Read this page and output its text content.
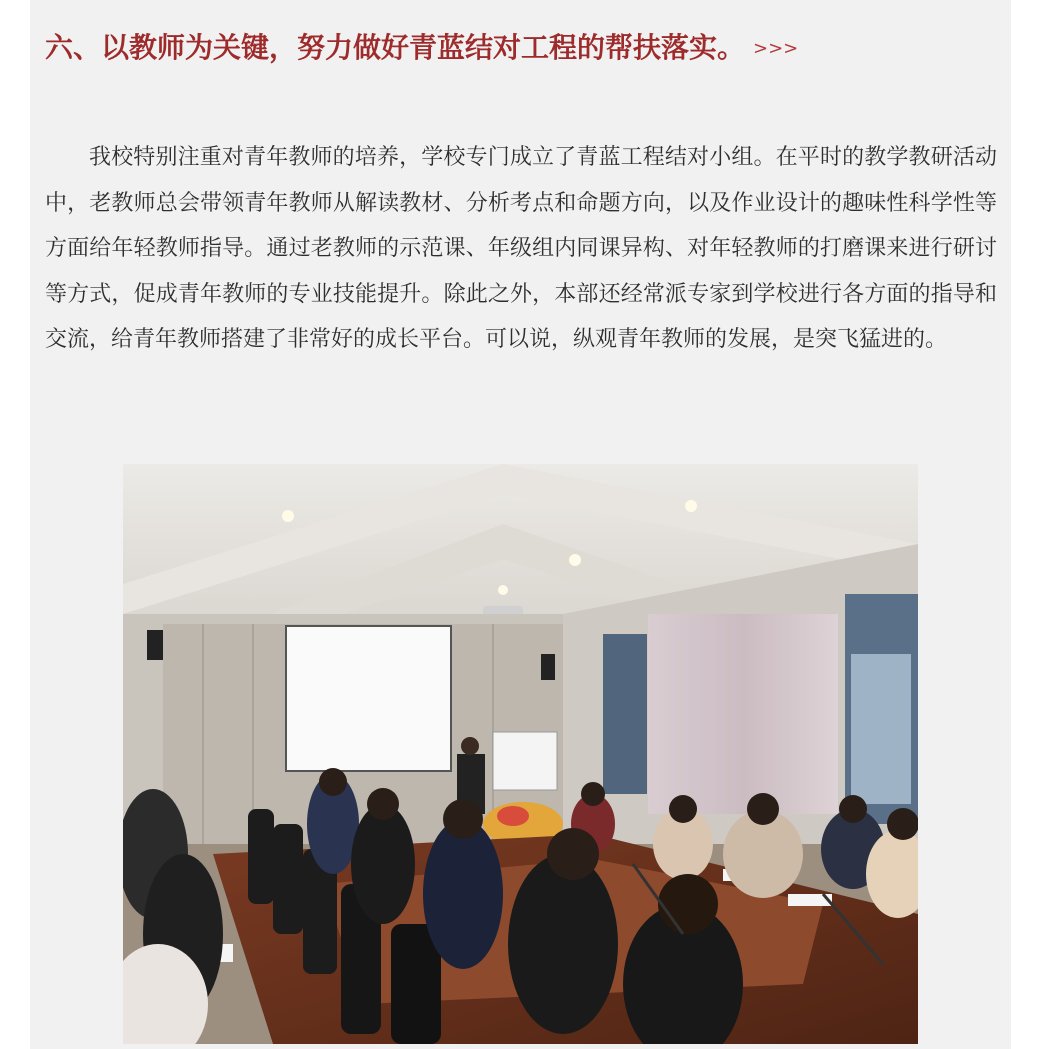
六、以教师为关键，努力做好青蓝结对工程的帮扶落实。 >>>

我校特别注重对青年教师的培养，学校专门成立了青蓝工程结对小组。在平时的教学教研活动中，老教师总会带领青年教师从解读教材、分析考点和命题方向，以及作业设计的趣味性科学性等方面给年轻教师指导。通过老教师的示范课、年级组内同课异构、对年轻教师的打磨课来进行研讨等方式，促成青年教师的专业技能提升。除此之外，本部还经常派专家到学校进行各方面的指导和交流，给青年教师搭建了非常好的成长平台。可以说，纵观青年教师的发展，是突飞猛进的。
